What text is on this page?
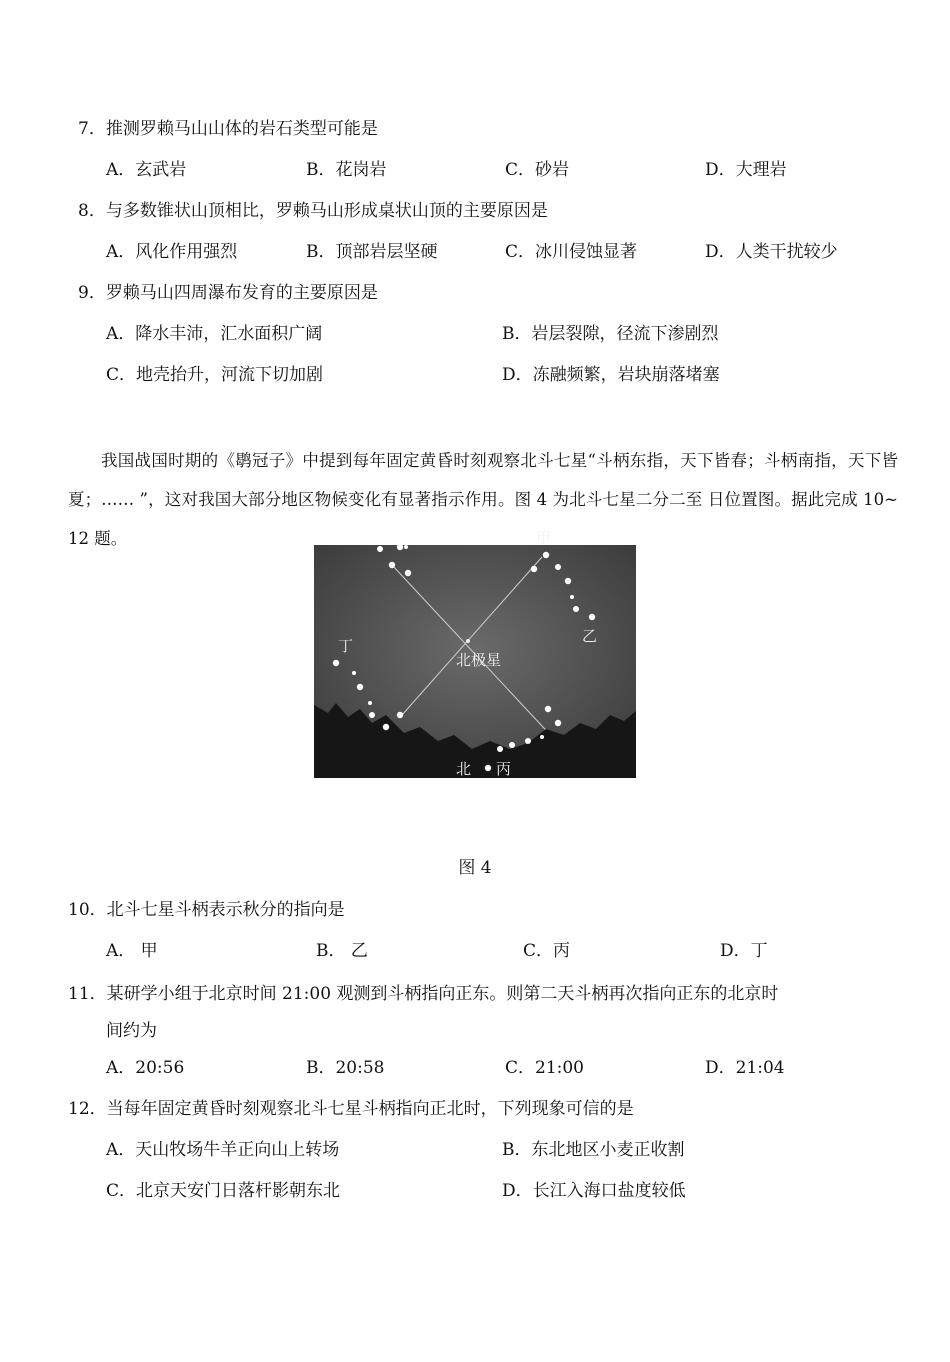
7．推测罗赖马山山体的岩石类型可能是
A．玄武岩	B．花岗岩	C．砂岩	D．大理岩
8．与多数锥状山顶相比，罗赖马山形成桌状山顶的主要原因是
A．风化作用强烈	B．顶部岩层坚硬	C．冰川侵蚀显著	D．人类干扰较少
9．罗赖马山四周瀑布发育的主要原因是
A．降水丰沛，汇水面积广阔	B．岩层裂隙，径流下渗剧烈
C．地壳抬升，河流下切加剧	D．冻融频繁，岩块崩落堵塞

我国战国时期的《鹖冠子》中提到每年固定黄昏时刻观察北斗七星“斗柄东指，天下皆春；斗柄南指，天下皆夏；…… ”，这对我国大部分地区物候变化有显著指示作用。图 4 为北斗七星二分二至 日位置图。据此完成 10~ 12 题。

北极星
甲
乙
丁
丙
北
图 4
10．北斗七星斗柄表示秋分的指向是
A． 甲	B． 乙	C．丙	D．丁
11．某研学小组于北京时间 21:00 观测到斗柄指向正东。则第二天斗柄再次指向正东的北京时
间约为
A．20:56	B．20:58	C．21:00	D．21:04
12．当每年固定黄昏时刻观察北斗七星斗柄指向正北时，下列现象可信的是
A．天山牧场牛羊正向山上转场	B．东北地区小麦正收割
C．北京天安门日落杆影朝东北	D．长江入海口盐度较低
